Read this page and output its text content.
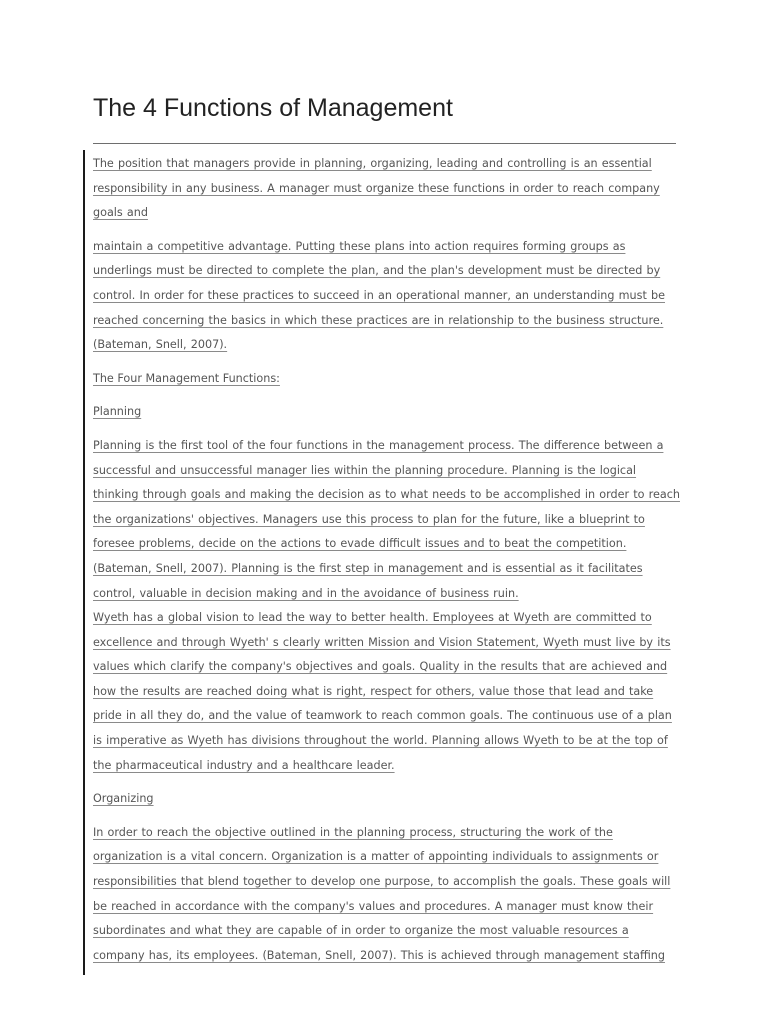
The 4 Functions of Management

The position that managers provide in planning, organizing, leading and controlling is an essential responsibility in any business. A manager must organize these functions in order to reach company goals and

maintain a competitive advantage. Putting these plans into action requires forming groups as underlings must be directed to complete the plan, and the plan's development must be directed by control. In order for these practices to succeed in an operational manner, an understanding must be reached concerning the basics in which these practices are in relationship to the business structure. (Bateman, Snell, 2007).

The Four Management Functions:

Planning

Planning is the first tool of the four functions in the management process. The difference between a successful and unsuccessful manager lies within the planning procedure. Planning is the logical thinking through goals and making the decision as to what needs to be accomplished in order to reach the organizations' objectives. Managers use this process to plan for the future, like a blueprint to foresee problems, decide on the actions to evade difficult issues and to beat the competition. (Bateman, Snell, 2007). Planning is the first step in management and is essential as it facilitates control, valuable in decision making and in the avoidance of business ruin.

Wyeth has a global vision to lead the way to better health. Employees at Wyeth are committed to excellence and through Wyeth' s clearly written Mission and Vision Statement, Wyeth must live by its values which clarify the company's objectives and goals. Quality in the results that are achieved and how the results are reached doing what is right, respect for others, value those that lead and take pride in all they do, and the value of teamwork to reach common goals. The continuous use of a plan is imperative as Wyeth has divisions throughout the world. Planning allows Wyeth to be at the top of the pharmaceutical industry and a healthcare leader.

Organizing

In order to reach the objective outlined in the planning process, structuring the work of the organization is a vital concern. Organization is a matter of appointing individuals to assignments or responsibilities that blend together to develop one purpose, to accomplish the goals. These goals will be reached in accordance with the company's values and procedures. A manager must know their subordinates and what they are capable of in order to organize the most valuable resources a company has, its employees. (Bateman, Snell, 2007). This is achieved through management staffing
